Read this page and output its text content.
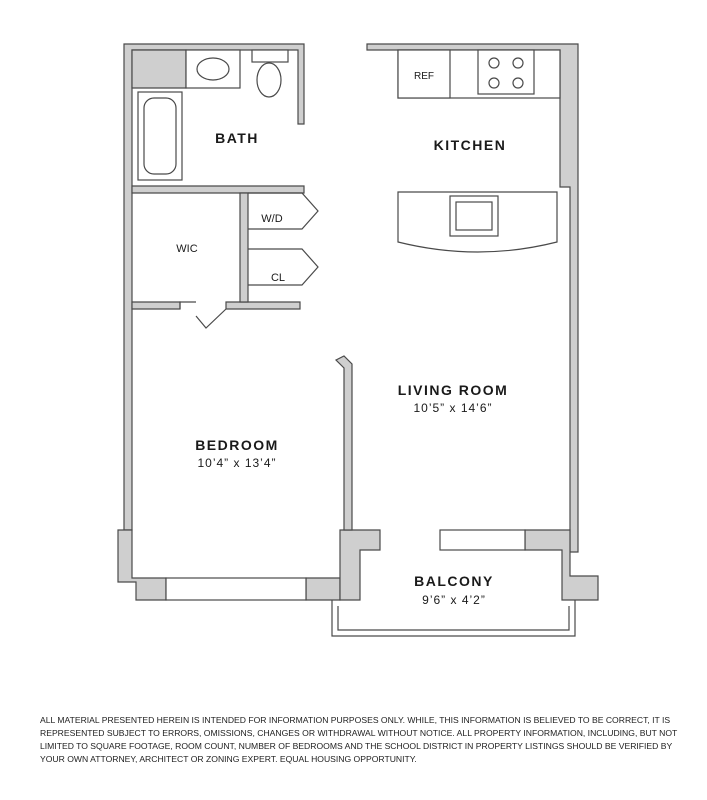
BATH	KITCHEN
REF
W/D
WIC
CL
LIVING ROOM
10’5” x 14’6”
BEDROOM
10’4” x 13’4”
BALCONY
9’6” x 4’2”
ALL MATERIAL PRESENTED HEREIN IS INTENDED FOR INFORMATION PURPOSES ONLY. WHILE, THIS INFORMATION IS BELIEVED TO BE CORRECT, IT IS REPRESENTED SUBJECT TO ERRORS, OMISSIONS, CHANGES OR WITHDRAWAL WITHOUT NOTICE. ALL PROPERTY INFORMATION, INCLUDING, BUT NOT LIMITED TO SQUARE FOOTAGE, ROOM COUNT, NUMBER OF BEDROOMS AND THE SCHOOL DISTRICT IN PROPERTY LISTINGS SHOULD BE VERIFIED BY YOUR OWN ATTORNEY, ARCHITECT OR ZONING EXPERT. EQUAL HOUSING OPPORTUNITY.
